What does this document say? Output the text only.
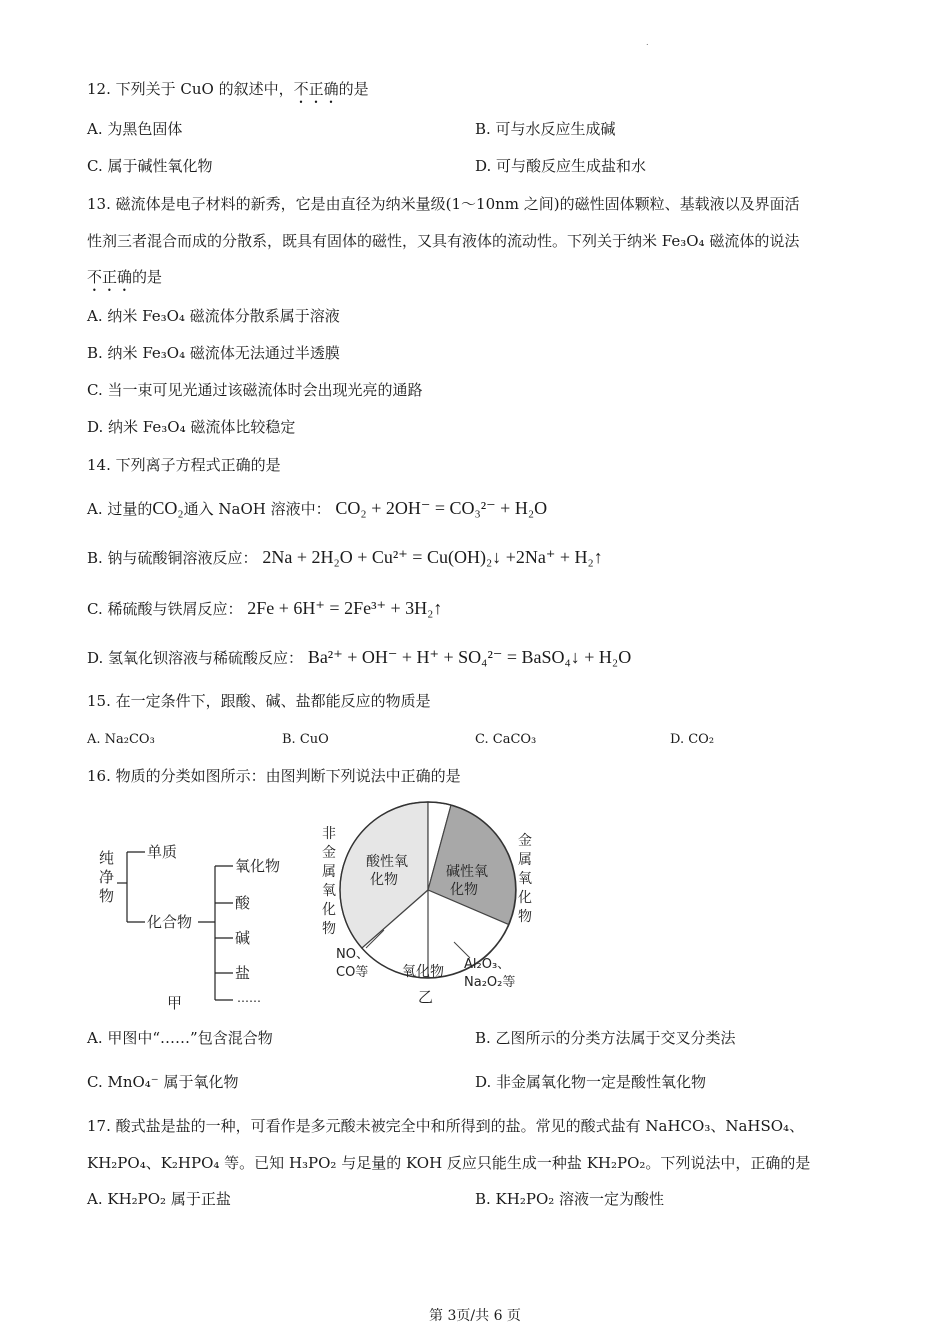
.
12. 下列关于 CuO 的叙述中，不正确的是
A. 为黑色固体	B. 可与水反应生成碱
C. 属于碱性氧化物	D. 可与酸反应生成盐和水
13. 磁流体是电子材料的新秀，它是由直径为纳米量级(1～10nm 之间)的磁性固体颗粒、基载液以及界面活
性剂三者混合而成的分散系，既具有固体的磁性，又具有液体的流动性。下列关于纳米 Fe₃O₄ 磁流体的说法
不正确的是
A. 纳米 Fe₃O₄ 磁流体分散系属于溶液
B. 纳米 Fe₃O₄ 磁流体无法通过半透膜
C. 当一束可见光通过该磁流体时会出现光亮的通路
D. 纳米 Fe₃O₄ 磁流体比较稳定
14. 下列离子方程式正确的是
A. 过量的CO₂通入 NaOH 溶液中： CO₂ + 2OH⁻ = CO₃²⁻ + H₂O
B. 钠与硫酸铜溶液反应： 2Na + 2H₂O + Cu²⁺ = Cu(OH)₂↓ +2Na⁺ + H₂↑
C. 稀硫酸与铁屑反应： 2Fe + 6H⁺ = 2Fe³⁺ + 3H₂↑
D. 氢氧化钡溶液与稀硫酸反应： Ba²⁺ + OH⁻ + H⁺ + SO₄²⁻ = BaSO₄↓ + H₂O
15. 在一定条件下，跟酸、碱、盐都能反应的物质是
A. Na₂CO₃	B. CuO	C. CaCO₃	D. CO₂
16. 物质的分类如图所示：由图判断下列说法中正确的是
纯
净
物
单质
化合物
氧化物
酸
碱
盐
……
甲
酸性氧
化物	碱性氧
化物
非
金
属
氧
化
物
金
属
氧
化
物
NO、
CO等
Al₂O₃、
Na₂O₂等
氧化物
乙
A. 甲图中“……”包含混合物	B. 乙图所示的分类方法属于交叉分类法
C. MnO₄⁻ 属于氧化物	D. 非金属氧化物一定是酸性氧化物
17. 酸式盐是盐的一种，可看作是多元酸未被完全中和所得到的盐。常见的酸式盐有 NaHCO₃、NaHSO₄、
KH₂PO₄、K₂HPO₄ 等。已知 H₃PO₂ 与足量的 KOH 反应只能生成一种盐 KH₂PO₂。下列说法中，正确的是
A. KH₂PO₂ 属于正盐	B. KH₂PO₂ 溶液一定为酸性
第 3页/共 6 页
